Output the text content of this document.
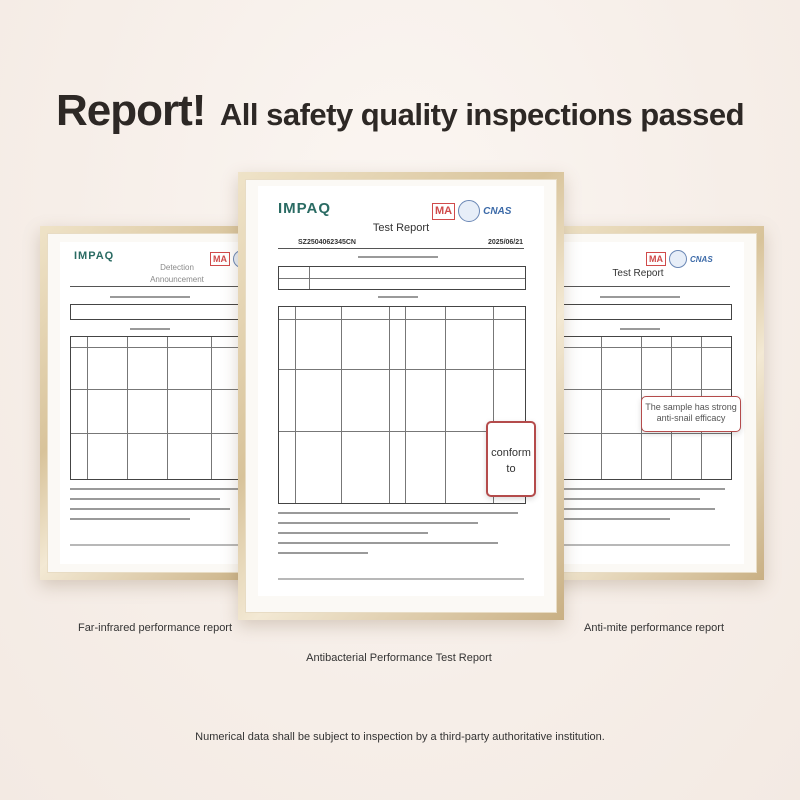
Report! All safety quality inspections passed
IMPAQ
Detection Announcement
MA	MA	CNAS
Test Report
IMPAQ	MA	CNAS
Test Report
SZ2504062345CN	2025/06/21
conform to
The sample has strong anti-snail efficacy
Far-infrared performance report
Antibacterial Performance Test Report
Anti-mite performance report
Numerical data shall be subject to inspection by a third-party authoritative institution.
